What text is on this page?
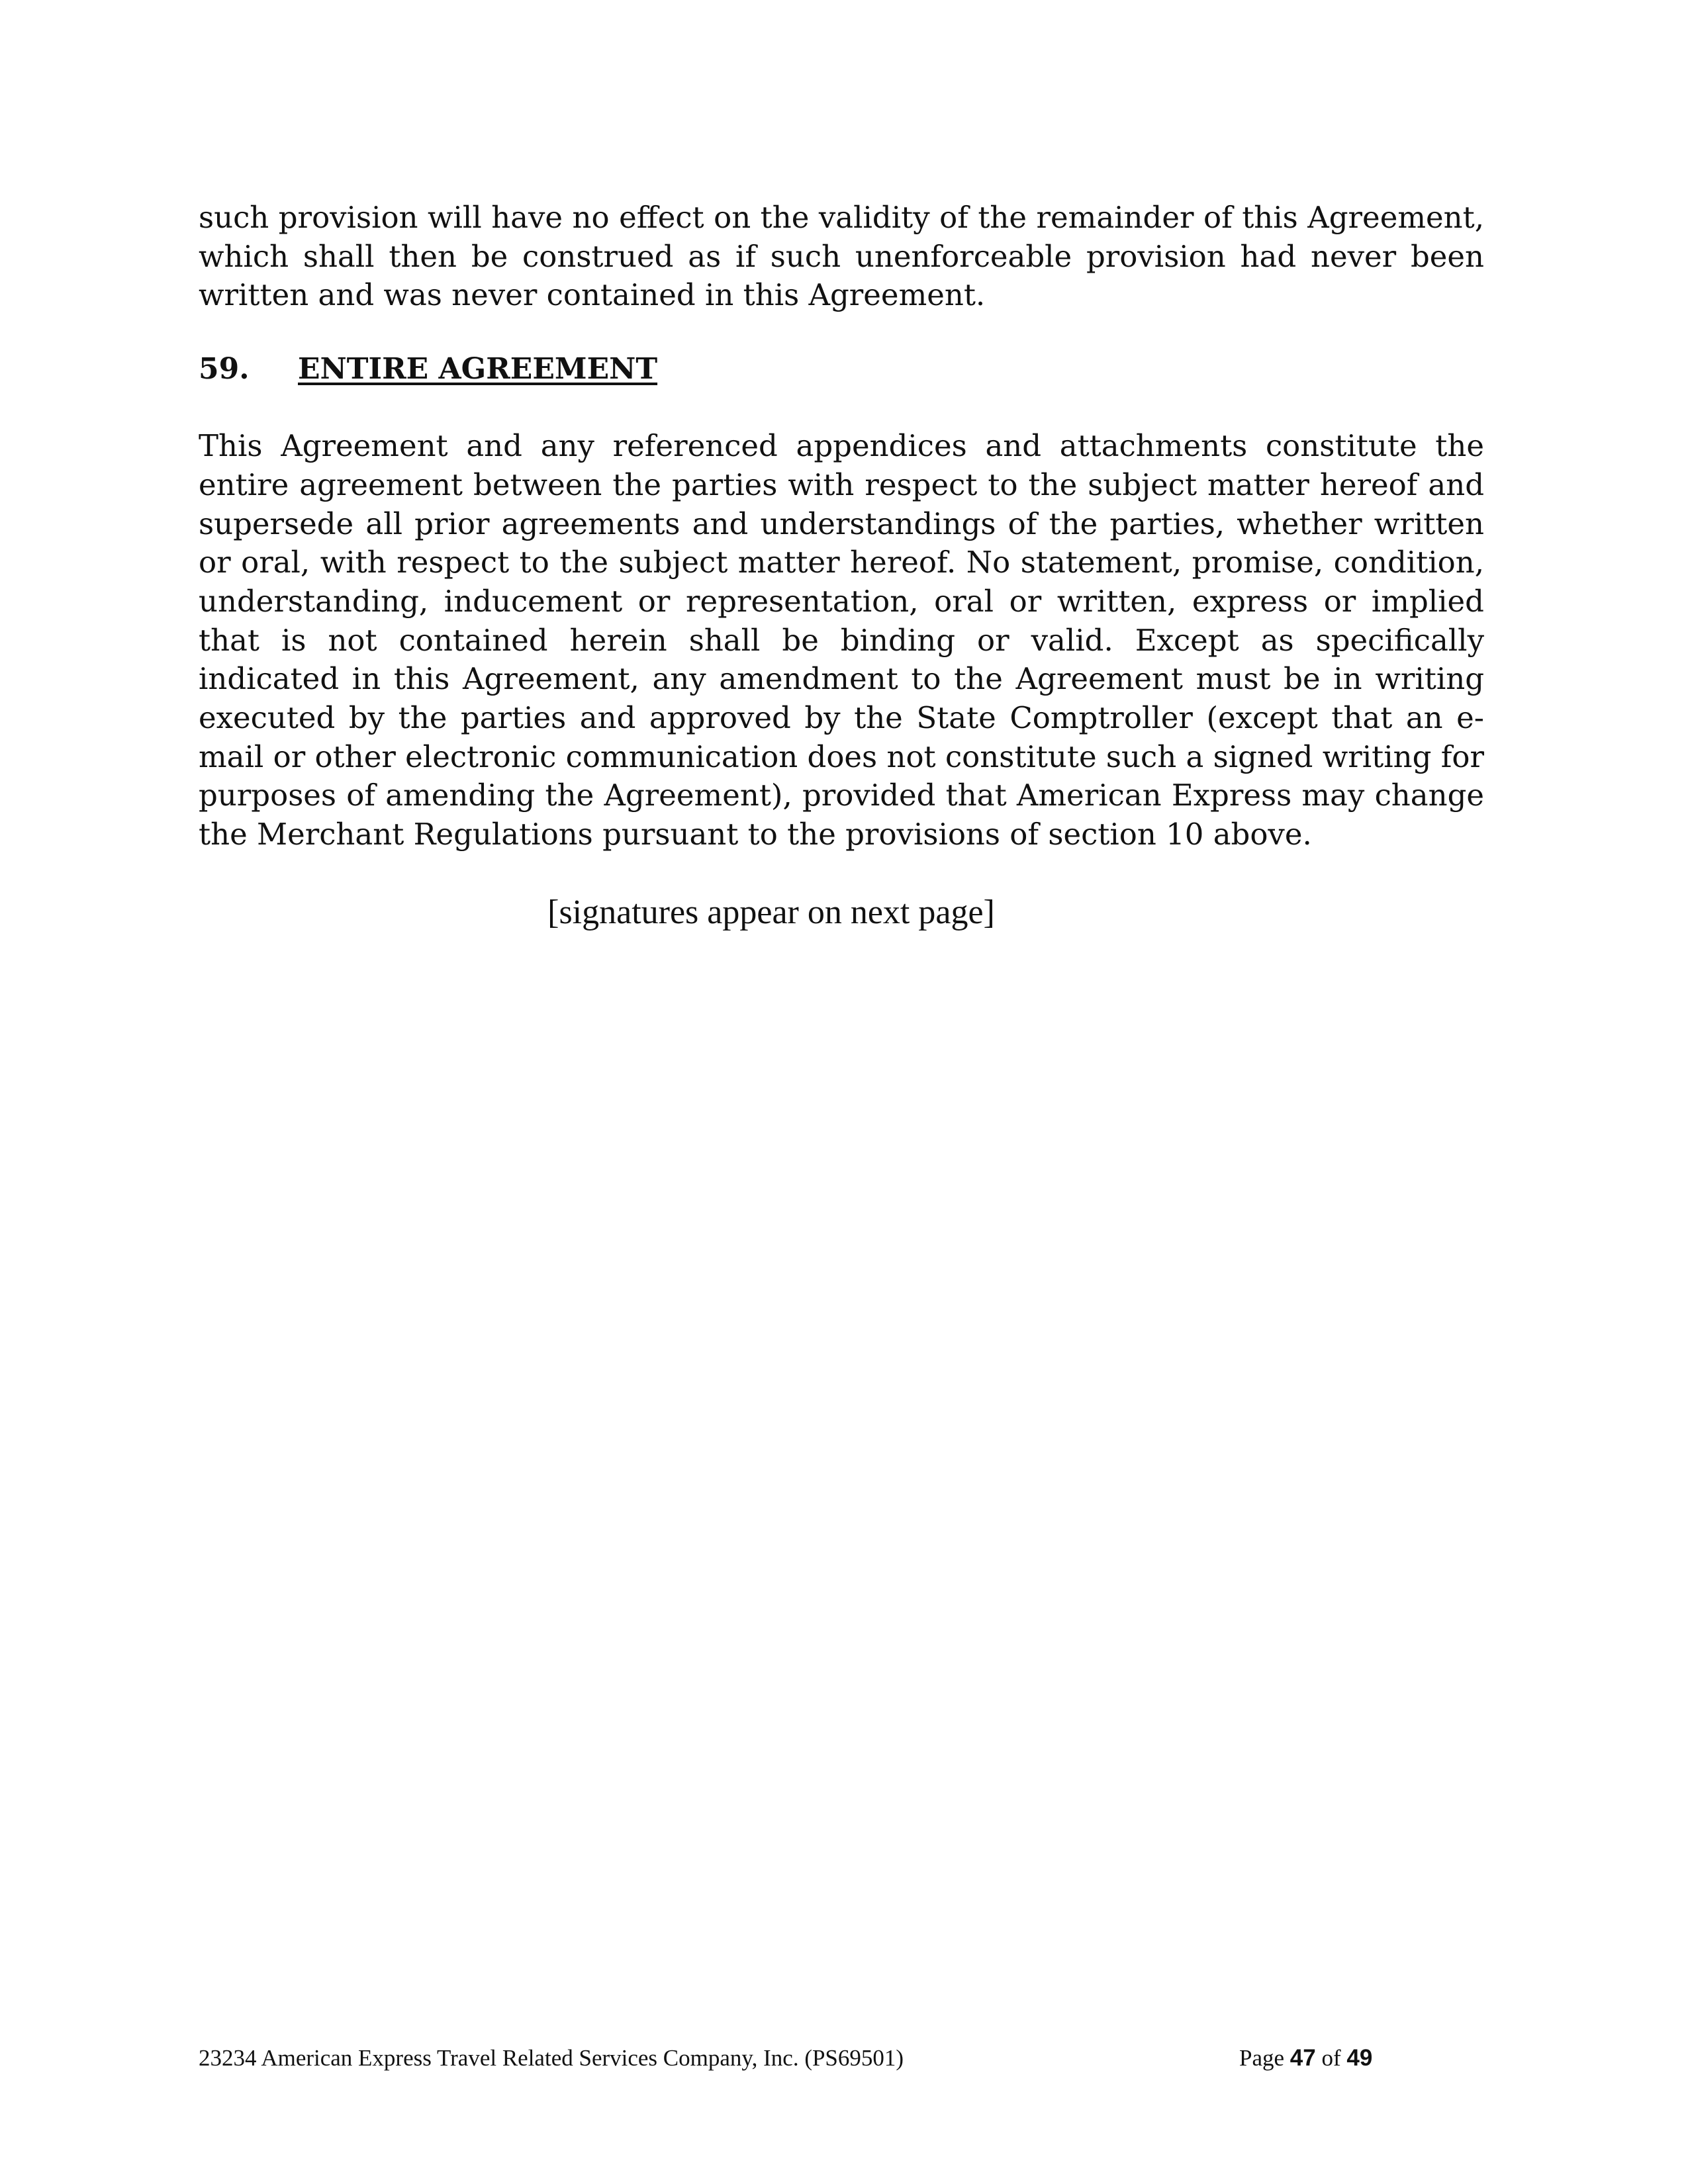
such provision will have no effect on the validity of the remainder of this Agreement, which shall then be construed as if such unenforceable provision had never been written and was never contained in this Agreement.

59.	ENTIRE AGREEMENT

This Agreement and any referenced appendices and attachments constitute the entire agreement between the parties with respect to the subject matter hereof and supersede all prior agreements and understandings of the parties, whether written or oral, with respect to the subject matter hereof. No statement, promise, condition, understanding, inducement or representation, oral or written, express or implied that is not contained herein shall be binding or valid. Except as specifically indicated in this Agreement, any amendment to the Agreement must be in writing executed by the parties and approved by the State Comptroller (except that an e-mail or other electronic communication does not constitute such a signed writing for purposes of amending the Agreement), provided that American Express may change the Merchant Regulations pursuant to the provisions of section 10 above.

[signatures appear on next page]
23234 American Express Travel Related Services Company, Inc. (PS69501)	Page 47 of 49
